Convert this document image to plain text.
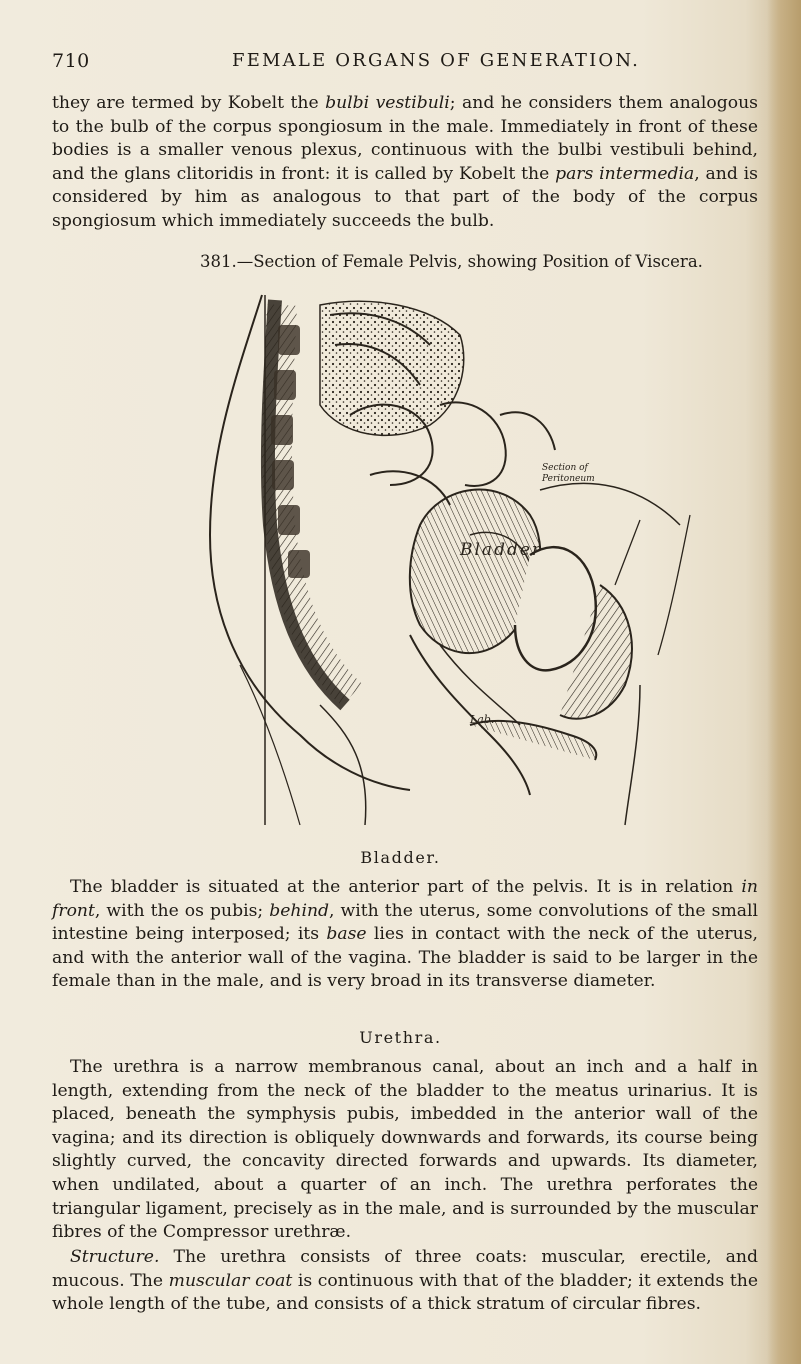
710	FEMALE ORGANS OF GENERATION.
they are termed by Kobelt the bulbi vestibuli; and he considers them analogous to the bulb of the corpus spongiosum in the male. Immediately in front of these bodies is a smaller venous plexus, continuous with the bulbi vestibuli behind, and the glans clitoridis in front: it is called by Kobelt the pars intermedia, and is considered by him as analogous to that part of the body of the corpus spongiosum which immediately succeeds the bulb.
381.—Section of Female Pelvis, showing Position of Viscera.
Section of
Peritoneum
Bladder
Lab.
Bladder.
The bladder is situated at the anterior part of the pelvis. It is in relation in front, with the os pubis; behind, with the uterus, some convolutions of the small intestine being interposed; its base lies in contact with the neck of the uterus, and with the anterior wall of the vagina. The bladder is said to be larger in the female than in the male, and is very broad in its transverse diameter.
Urethra.
The urethra is a narrow membranous canal, about an inch and a half in length, extending from the neck of the bladder to the meatus urinarius. It is placed, beneath the symphysis pubis, imbedded in the anterior wall of the vagina; and its direction is obliquely downwards and forwards, its course being slightly curved, the concavity directed forwards and upwards. Its diameter, when undilated, about a quarter of an inch. The urethra perforates the triangular ligament, precisely as in the male, and is surrounded by the muscular fibres of the Compressor urethræ.
Structure. The urethra consists of three coats: muscular, erectile, and mucous. The muscular coat is continuous with that of the bladder; it extends the whole length of the tube, and consists of a thick stratum of circular fibres.
